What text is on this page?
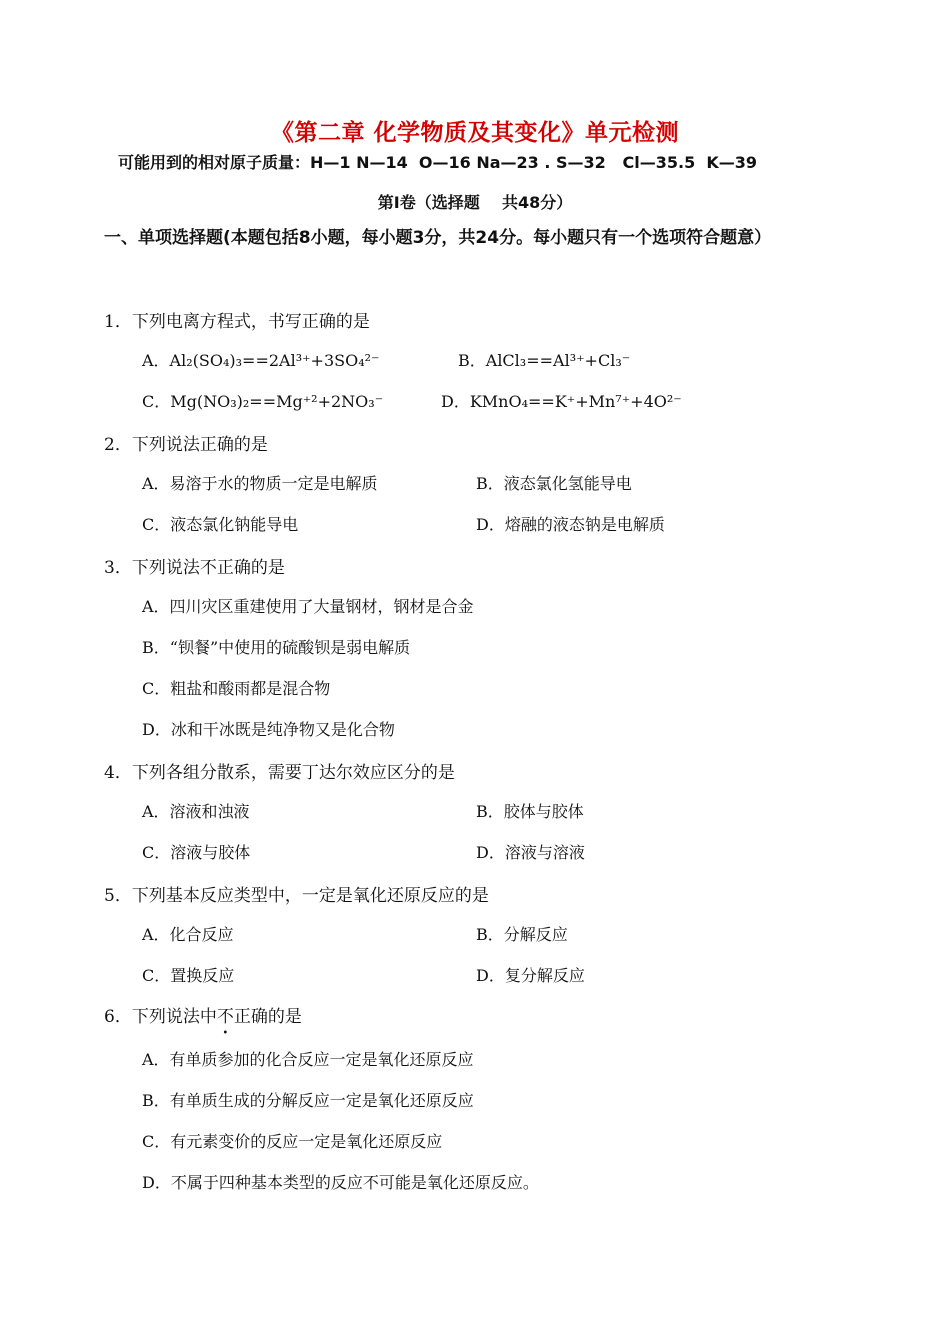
《第二章 化学物质及其变化》单元检测
可能用到的相对原子质量：H—1 N—14  O—16 Na—23 . S—32   Cl—35.5  K—39
第Ⅰ卷（选择题    共48分）
一、单项选择题(本题包括8小题，每小题3分，共24分。每小题只有一个选项符合题意）
1．下列电离方程式，书写正确的是
A．Al₂(SO₄)₃==2Al³⁺+3SO₄²⁻	B．AlCl₃==Al³⁺+Cl₃⁻
C．Mg(NO₃)₂==Mg⁺²+2NO₃⁻	D．KMnO₄==K⁺+Mn⁷⁺+4O²⁻
2．下列说法正确的是
A．易溶于水的物质一定是电解质	B．液态氯化氢能导电
C．液态氯化钠能导电	D．熔融的液态钠是电解质
3．下列说法不正确的是
A．四川灾区重建使用了大量钢材，钢材是合金
B．“钡餐”中使用的硫酸钡是弱电解质
C．粗盐和酸雨都是混合物
D．冰和干冰既是纯净物又是化合物
4．下列各组分散系，需要丁达尔效应区分的是
A．溶液和浊液	B．胶体与胶体
C．溶液与胶体	D．溶液与溶液
5．下列基本反应类型中，一定是氧化还原反应的是
A．化合反应	B．分解反应
C．置换反应	D．复分解反应
6．下列说法中不正确的是
A．有单质参加的化合反应一定是氧化还原反应
B．有单质生成的分解反应一定是氧化还原反应
C．有元素变价的反应一定是氧化还原反应
D．不属于四种基本类型的反应不可能是氧化还原反应。
